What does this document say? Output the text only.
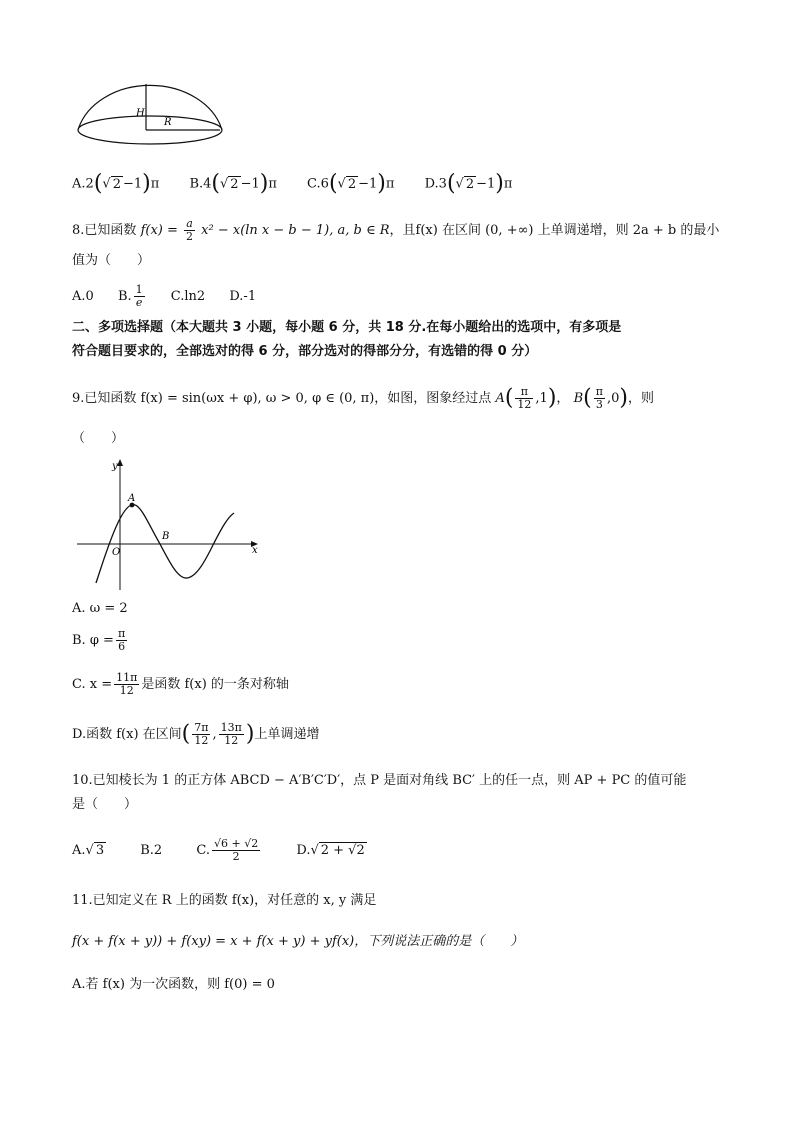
H
R
A.2(√ 2 −1)π B.4(√ 2 −1)π C.6(√ 2 −1)π D.3(√ 2 −1)π
8.已知函数 $f(x) = \frac{a}{2} x^2 - x(\ln$ x − b − 1), a, b ∈ R，且f(x) 在区间 (0, +∞) 上单调递增，则 2a + b 的最小
值为（　　）
A.0 B. $\frac{1}{e} C.\ln 2$ D.-1
二、多项选择题（本大题共 3 小题，每小题 6 分，共 18 分.在每小题给出的选项中，有多项是
符合题目要求的，全部选对的得 6 分，部分选对的得部分分，有选错的得 0 分）
9.已知函数 f(x) = sin(ωx + φ), ω > 0, φ ∈ (0, π)，如图，图象经过点 $A( \frac{\pi}{12} ,1)$， $B( \frac{\pi}{3} ,0)$，则
（　　）
y
x
O
A
B
A. ω = 2
B. $\varphi = \frac{\pi}{6}$
C. $x = \frac{11\pi}{12}$ 是函数 f(x) 的一条对称轴
D.函数 f(x) 在区间( $\frac{7\pi}{12}$ , $\frac{13\pi}{12}$ )上单调递增
10.已知棱长为 1 的正方体 ABCD − A′B′C′D′，点 P 是面对角线 BC′ 上的任一点，则 AP + PC 的值可能
是（　　）
A.√ 3	B.2	C. $\frac{√6 + √2}{2}$	D.√ 2 + √2
11.已知定义在 R 上的函数 f(x)，对任意的 x, y 满足
f(x + f(x + y)) + f(xy) = x + f(x + y) + yf(x)，下列说法正确的是（　　）
A.若 f(x) 为一次函数，则 f(0) = 0
